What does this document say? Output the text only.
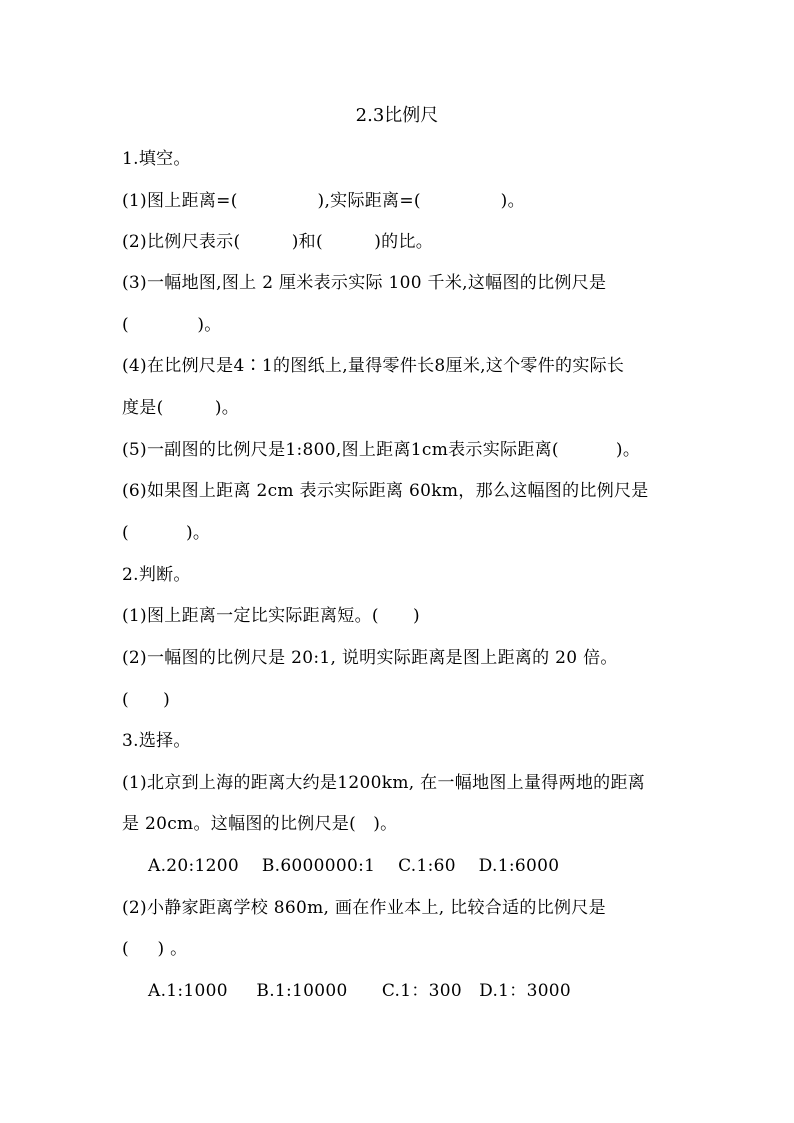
2.3比例尺
1.填空。
(1)图上距离=(              ),实际距离=(              )。
(2)比例尺表示(         )和(         )的比。
(3)一幅地图,图上 2 厘米表示实际 100 千米,这幅图的比例尺是
(            )。
(4)在比例尺是4∶1的图纸上,量得零件长8厘米,这个零件的实际长
度是(         )。
(5)一副图的比例尺是1:800,图上距离1cm表示实际距离(          )。
(6)如果图上距离 2cm 表示实际距离 60km，那么这幅图的比例尺是
(          )。
2.判断。
(1)图上距离一定比实际距离短。(      )
(2)一幅图的比例尺是 20:1, 说明实际距离是图上距离的 20 倍。
(      )
3.选择。
(1)北京到上海的距离大约是1200km, 在一幅地图上量得两地的距离
是 20cm。这幅图的比例尺是(   )。
A.20:1200    B.6000000:1    C.1:60    D.1:6000
(2)小静家距离学校 860m, 画在作业本上, 比较合适的比例尺是
(     ) 。
A.1:1000     B.1:10000      C.1：300   D.1：3000
